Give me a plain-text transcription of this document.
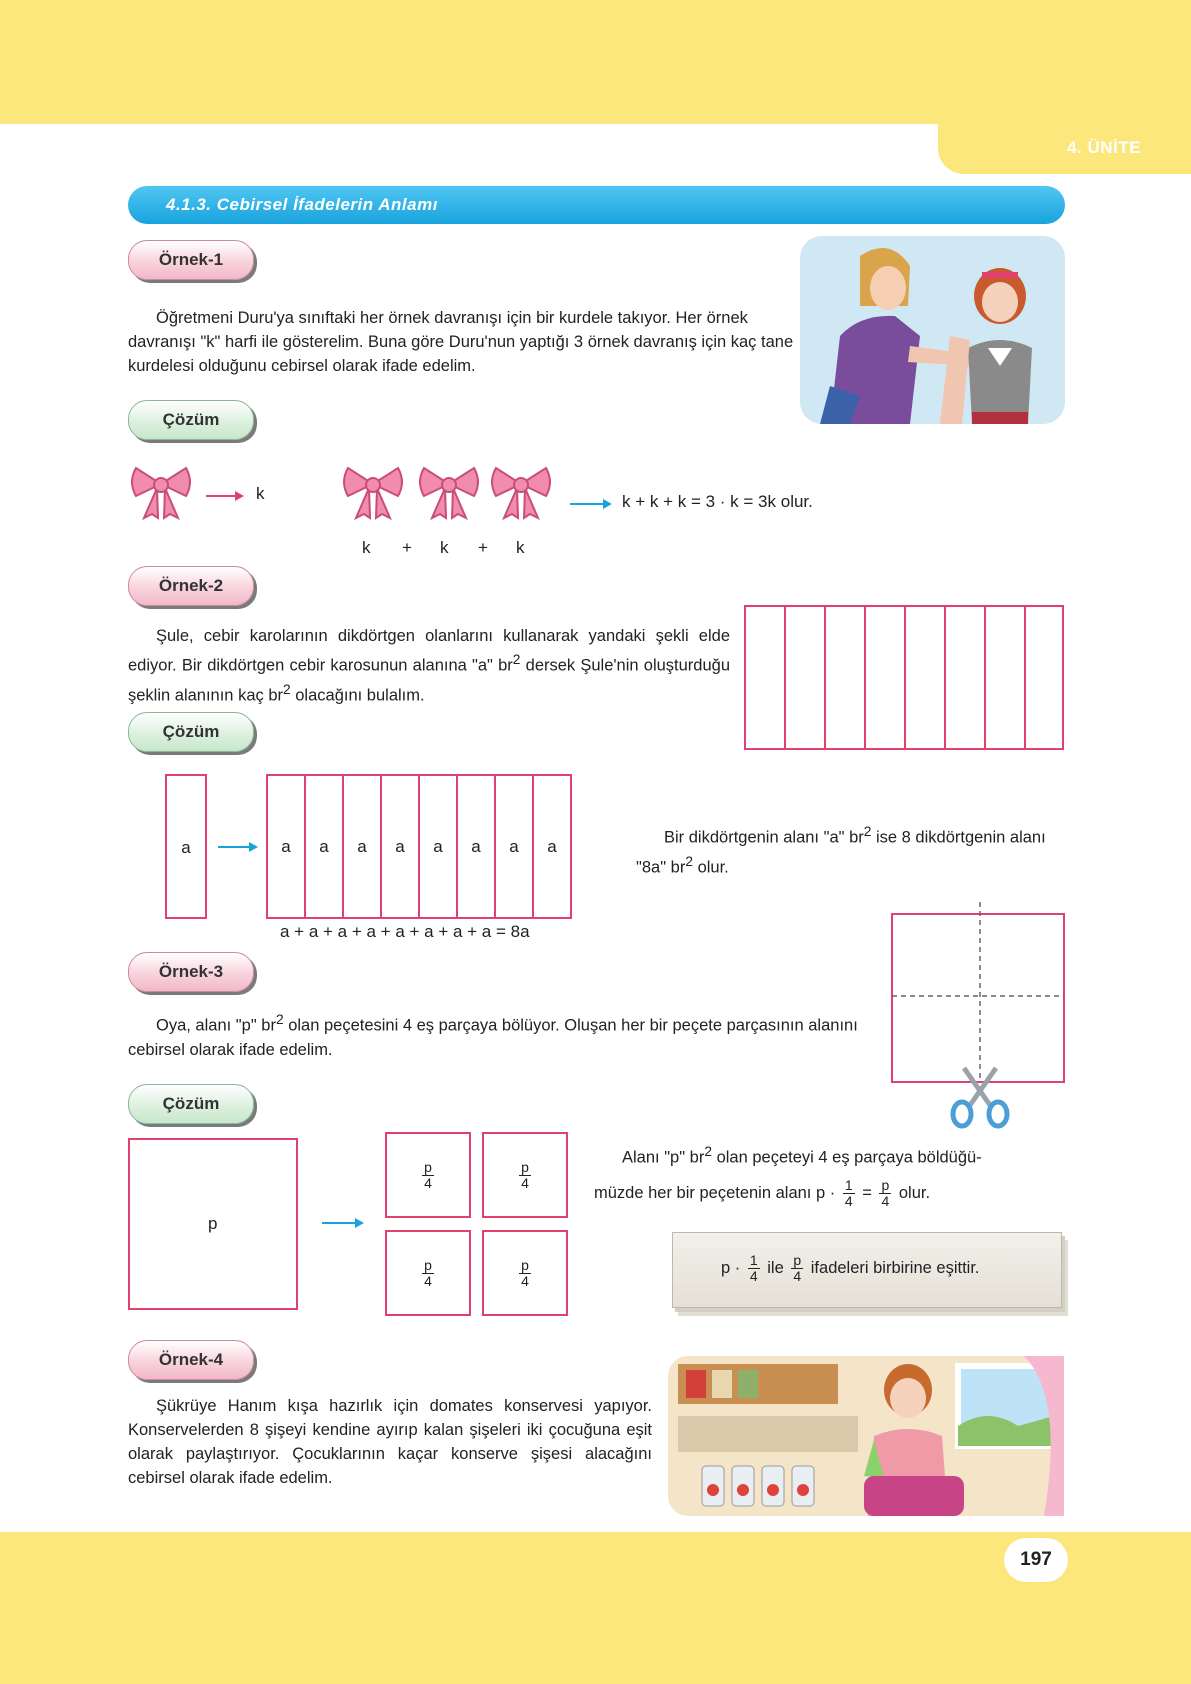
4. ÜNİTE
197
4.1.3. Cebirsel İfadelerin Anlamı
Örnek-1
Öğretmeni Duru'ya sınıftaki her örnek davranışı için bir kurdele takıyor. Her örnek davranışı "k" harfi ile gösterelim. Buna göre Duru'nun yaptığı 3 örnek davranış için kaç tane kurdelesi olduğunu cebirsel olarak ifade edelim.
Çözüm
k	k + k + k = 3 · k = 3k olur.
k + k + k
Örnek-2
Şule, cebir karolarının dikdörtgen olanlarını kullanarak yandaki şekli elde ediyor. Bir dikdörtgen cebir karosunun alanına "a" $br^2$ dersek Şule'nin oluşturduğu şeklin alanının kaç $br^2$ olacağını bulalım.
Çözüm
a	a a a a a a a a
a + a + a + a + a + a + a + a = 8a
Bir dikdörtgenin alanı "a" $br^2$ ise 8 dikdörtgenin alanı "8a" $br^2$ olur.
Örnek-3
Oya, alanı "p" $br^2$ olan peçetesini 4 eş parçaya bölüyor. Oluşan her bir peçete parçasının alanını cebirsel olarak ifade edelim.
Çözüm
p
$\frac{p}{4}$	$\frac{p}{4}$
$\frac{p}{4}$	$\frac{p}{4}$
Alanı "p" $br^2$ olan peçeteyi 4 eş parçaya böldüğü-
müzde her bir peçetenin alanı $p \cdot \frac{1}{4} = \frac{p}{4}$ olur.
$p \cdot \frac{1}{4}$ ile $\frac{p}{4}$ ifadeleri birbirine eşittir.
Örnek-4
Şükrüye Hanım kışa hazırlık için domates konservesi yapıyor. Konservelerden 8 şişeyi kendine ayırıp kalan şişeleri iki çocuğuna eşit olarak paylaştırıyor. Çocuklarının kaçar konserve şişesi alacağını cebirsel olarak ifade edelim.
